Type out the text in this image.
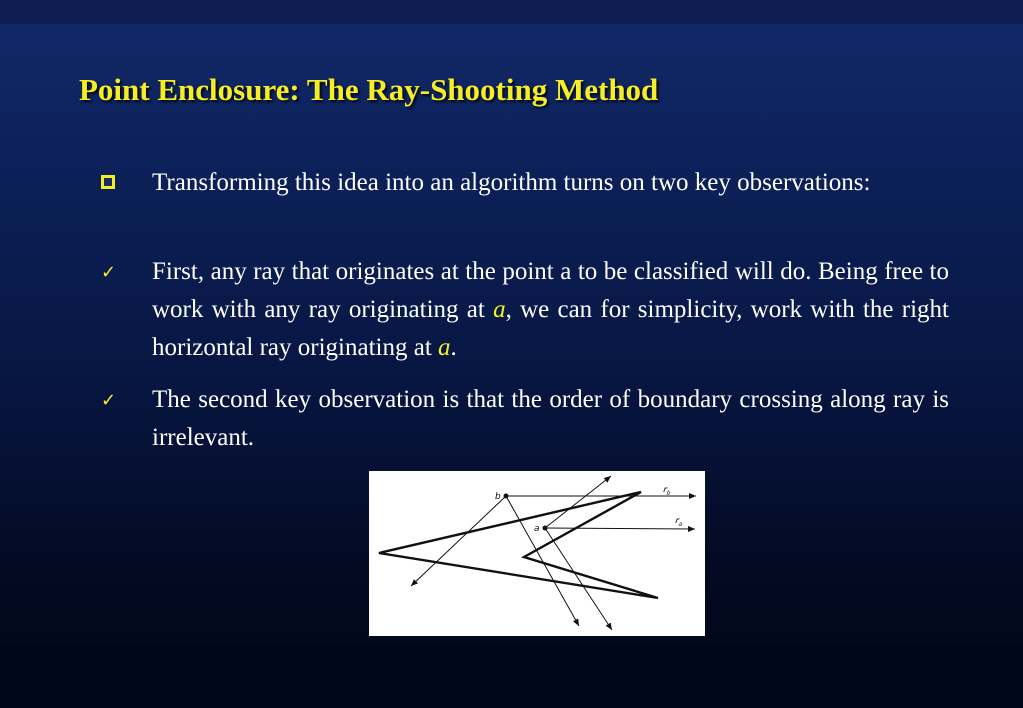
Point Enclosure: The Ray-Shooting Method

Transforming this idea into an algorithm turns on two key observations:

✓ First, any ray that originates at the point a to be classified will do. Being free to work with any ray originating at a, we can for simplicity, work with the right horizontal ray originating at a.

✓ The second key observation is that the order of boundary crossing along ray is irrelevant.

b
a
$r_b$
$r_a$
